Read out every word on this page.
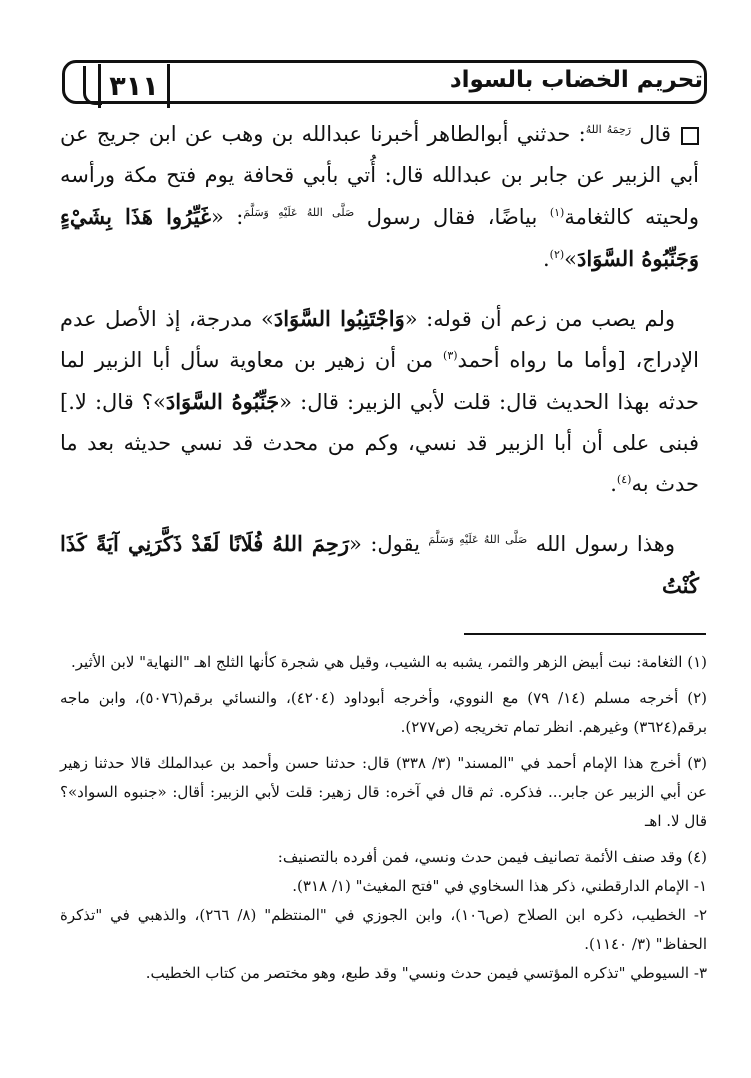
٣١١	تحريم الخضاب بالسواد

قال $^{رَحِمَهُ اللهُ}$: حدثني أبوالطاهر أخبرنا عبدالله بن وهب عن ابن جريج عن أبي الزبير عن جابر بن عبدالله قال: أُتي بأبي قحافة يوم فتح مكة ورأسه ولحيته كالثغامة$^{(١)}$ بياضًا، فقال رسول $^{صَلَّى اللهُ عَلَيْهِ وَسَلَّمَ}$: «غَيِّرُوا هَذَا بِشَيْءٍ وَجَنِّبُوهُ السَّوَادَ»$^{(٢)}$.

ولم يصب من زعم أن قوله: «وَاجْتَنِبُوا السَّوَادَ» مدرجة، إذ الأصل عدم الإدراج، [وأما ما رواه أحمد$^{(٣)}$ من أن زهير بن معاوية سأل أبا الزبير لما حدثه بهذا الحديث قال: قلت لأبي الزبير: قال: «جَنِّبُوهُ السَّوَادَ»؟ قال: لا.] فبنى على أن أبا الزبير قد نسي، وكم من محدث قد نسي حديثه بعد ما حدث به$^{(٤)}$.

وهذا رسول الله $^{صَلَّى اللهُ عَلَيْهِ وَسَلَّمَ}$ يقول: «رَحِمَ اللهُ فُلَانًا لَقَدْ ذَكَّرَنِي آيَةً كَذَا كُنْتُ

(١) الثغامة: نبت أبيض الزهر والثمر، يشبه به الشيب، وقيل هي شجرة كأنها الثلج اهـ "النهاية" لابن الأثير.

(٢) أخرجه مسلم (١٤/ ٧٩) مع النووي، وأخرجه أبوداود (٤٢٠٤)، والنسائي برقم(٥٠٧٦)، وابن ماجه برقم(٣٦٢٤) وغيرهم. انظر تمام تخريجه (ص٢٧٧).

(٣) أخرج هذا الإمام أحمد في "المسند" (٣/ ٣٣٨) قال: حدثنا حسن وأحمد بن عبدالملك قالا حدثنا زهير عن أبي الزبير عن جابر... فذكره. ثم قال في آخره: قال زهير: قلت لأبي الزبير: أقال: «جنبوه السواد»؟ قال لا. اهـ

(٤) وقد صنف الأئمة تصانيف فيمن حدث ونسي، فمن أفرده بالتصنيف:

١- الإمام الدارقطني، ذكر هذا السخاوي في "فتح المغيث" (١/ ٣١٨).

٢- الخطيب، ذكره ابن الصلاح (ص١٠٦)، وابن الجوزي في "المنتظم" (٨/ ٢٦٦)، والذهبي في "تذكرة الحفاظ" (٣/ ١١٤٠).

٣- السيوطي "تذكره المؤتسي فيمن حدث ونسي" وقد طبع، وهو مختصر من كتاب الخطيب.
